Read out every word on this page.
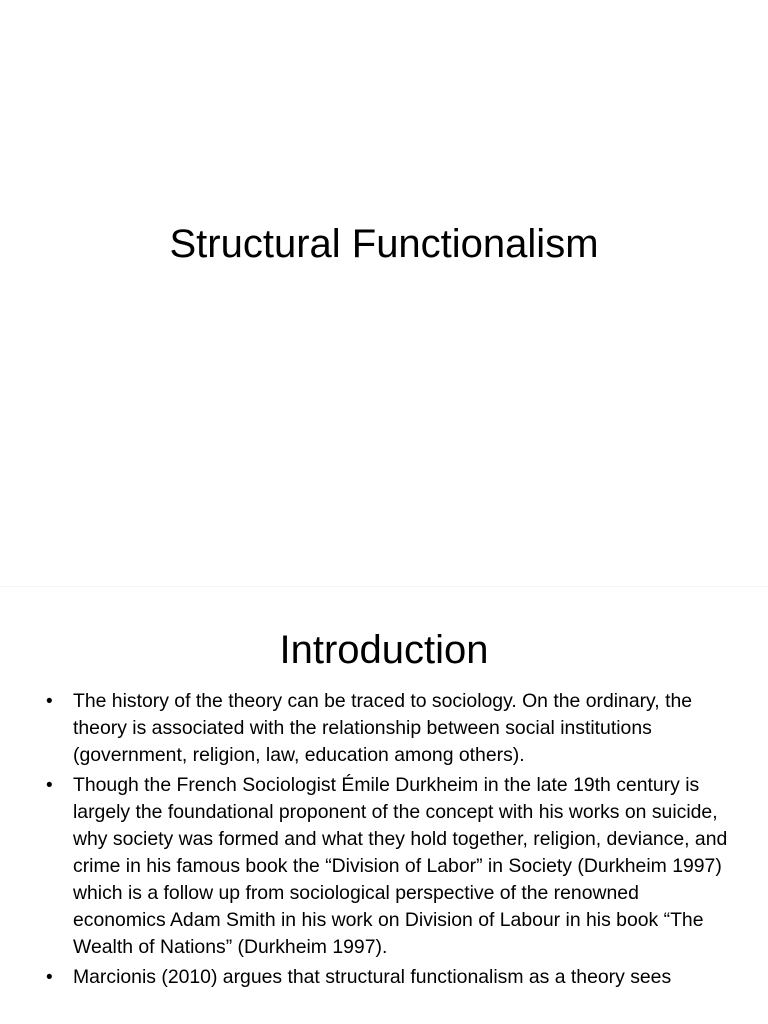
Structural Functionalism
Introduction
• The history of the theory can be traced to sociology. On the ordinary, the theory is associated with the relationship between social institutions (government, religion, law, education among others).
• Though the French Sociologist Émile Durkheim in the late 19th century is largely the foundational proponent of the concept with his works on suicide, why society was formed and what they hold together, religion, deviance, and crime in his famous book the “Division of Labor” in Society (Durkheim 1997) which is a follow up from sociological perspective of the renowned economics Adam Smith in his work on Division of Labour in his book “The Wealth of Nations” (Durkheim 1997).
• Marcionis (2010) argues that structural functionalism as a theory sees
